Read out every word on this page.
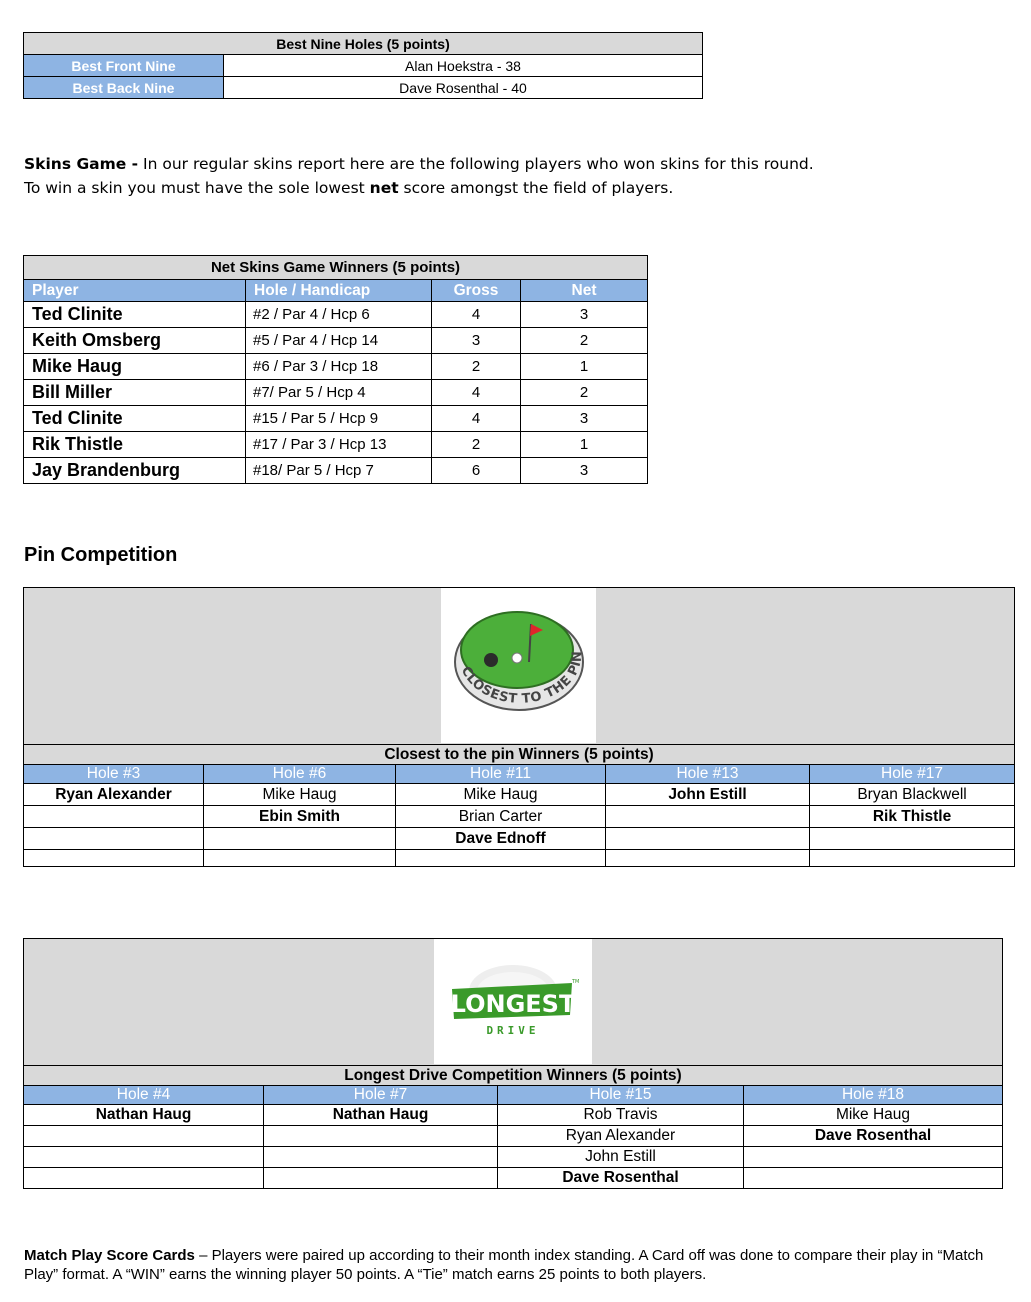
Best Nine Holes (5 points)	
Best Front Nine	Alan Hoekstra - 38
Best Back Nine	Dave Rosenthal - 40
Skins Game - In our regular skins report here are the following players who won skins for this round.
To win a skin you must have the sole lowest net score amongst the field of players.
Net Skins Game Winners (5 points)			
Player	Hole / Handicap	Gross	Net
Ted Clinite	#2 / Par 4 / Hcp 6	4	3
Keith Omsberg	#5 / Par 4 / Hcp 14	3	2
Mike Haug	#6 / Par 3 / Hcp 18	2	1
Bill Miller	#7/ Par 5 / Hcp 4	4	2
Ted Clinite	#15 / Par 5 / Hcp 9	4	3
Rik Thistle	#17 / Par 3 / Hcp 13	2	1
Jay Brandenburg	#18/ Par 5 / Hcp 7	6	3
Pin Competition

Closest to the pin Winners (5 points)				
Hole #3	Hole #6	Hole #11	Hole #13	Hole #17
Ryan Alexander	Mike Haug	Mike Haug	John Estill	Bryan Blackwell
	Ebin Smith	Brian Carter		Rik Thistle
		Dave Ednoff		

CLOSEST TO THE PIN

Longest Drive Competition Winners (5 points)			
Hole #4	Hole #7	Hole #15	Hole #18
Nathan Haug	Nathan Haug	Rob Travis	Mike Haug
		Ryan Alexander	Dave Rosenthal
		John Estill	
		Dave Rosenthal	
LONGEST
DRIVE
TM
Match Play Score Cards – Players were paired up according to their month index standing. A Card off was done to compare their play in “Match Play” format. A “WIN” earns the winning player 50 points. A “Tie” match earns 25 points to both players.
